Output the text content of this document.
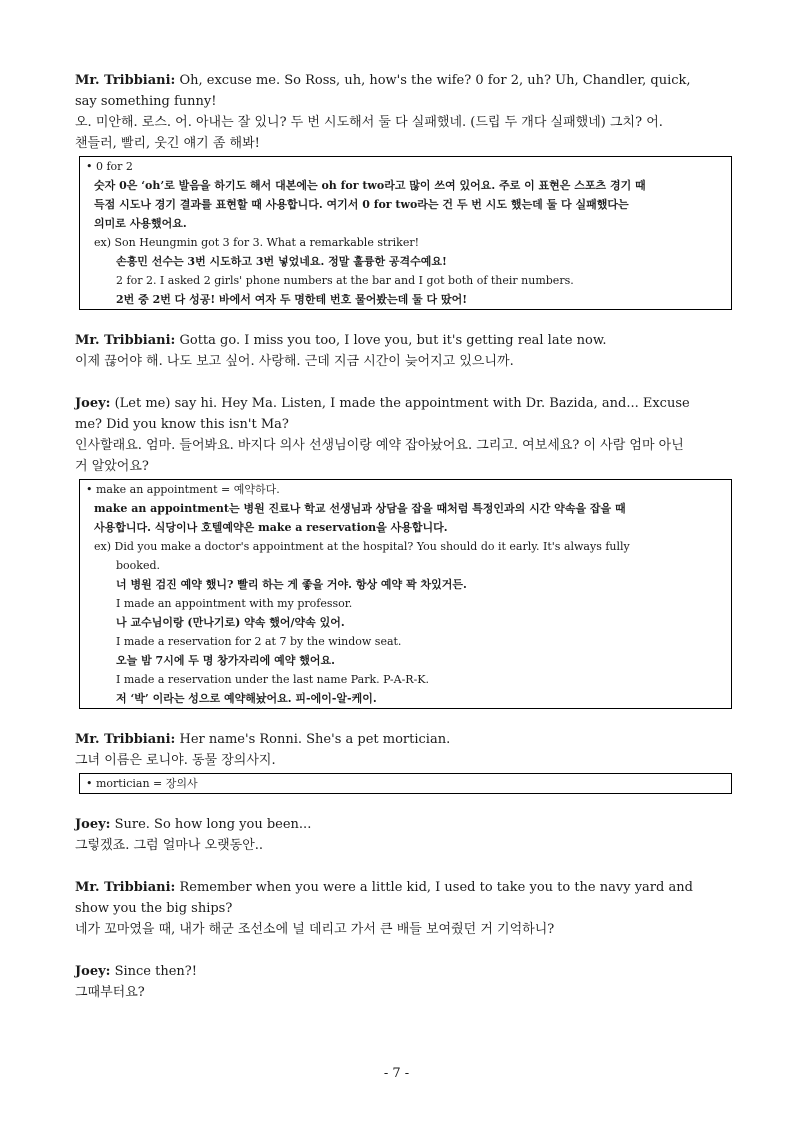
Mr. Tribbiani: Oh, excuse me. So Ross, uh, how's the wife? 0 for 2, uh? Uh, Chandler, quick,
say something funny!
오. 미안해. 로스. 어. 아내는 잘 있니? 두 번 시도해서 둘 다 실패했네. (드립 두 개다 실패했네) 그치? 어.
챈들러, 빨리, 웃긴 얘기 좀 해봐!
• 0 for 2
숫자 0은 ‘oh’로 발음을 하기도 해서 대본에는 oh for two라고 많이 쓰여 있어요. 주로 이 표현은 스포츠 경기 때
득점 시도나 경기 결과를 표현할 때 사용합니다. 여기서 0 for two라는 건 두 번 시도 했는데 둘 다 실패했다는
의미로 사용했어요.
ex) Son Heungmin got 3 for 3. What a remarkable striker!
손흥민 선수는 3번 시도하고 3번 넣었네요. 정말 훌륭한 공격수예요!
2 for 2. I asked 2 girls' phone numbers at the bar and I got both of their numbers.
2번 중 2번 다 성공! 바에서 여자 두 명한테 번호 물어봤는데 둘 다 땄어!
Mr. Tribbiani: Gotta go. I miss you too, I love you, but it's getting real late now.
이제 끊어야 해. 나도 보고 싶어. 사랑해. 근데 지금 시간이 늦어지고 있으니까.
Joey: (Let me) say hi. Hey Ma. Listen, I made the appointment with Dr. Bazida, and... Excuse
me? Did you know this isn't Ma?
인사할래요. 엄마. 들어봐요. 바지다 의사 선생님이랑 예약 잡아놨어요. 그리고. 여보세요? 이 사람 엄마 아닌
거 알았어요?
• make an appointment = 예약하다.
make an appointment는 병원 진료나 학교 선생님과 상담을 잡을 때처럼 특정인과의 시간 약속을 잡을 때
사용합니다. 식당이나 호텔예약은 make a reservation을 사용합니다.
ex) Did you make a doctor's appointment at the hospital? You should do it early. It's always fully
booked.
너 병원 검진 예약 했니? 빨리 하는 게 좋을 거야. 항상 예약 꽉 차있거든.
I made an appointment with my professor.
나 교수님이랑 (만나기로) 약속 했어/약속 있어.
I made a reservation for 2 at 7 by the window seat.
오늘 밤 7시에 두 명 창가자리에 예약 했어요.
I made a reservation under the last name Park. P-A-R-K.
저 ‘박’ 이라는 성으로 예약해놨어요. 피-에이-알-케이.
Mr. Tribbiani: Her name's Ronni. She's a pet mortician.
그녀 이름은 로니야. 동물 장의사지.
• mortician = 장의사
Joey: Sure. So how long you been...
그렇겠죠. 그럼 얼마나 오랫동안..
Mr. Tribbiani: Remember when you were a little kid, I used to take you to the navy yard and
show you the big ships?
네가 꼬마였을 때, 내가 해군 조선소에 널 데리고 가서 큰 배들 보여줬던 거 기억하니?
Joey: Since then?!
그때부터요?
- 7 -
